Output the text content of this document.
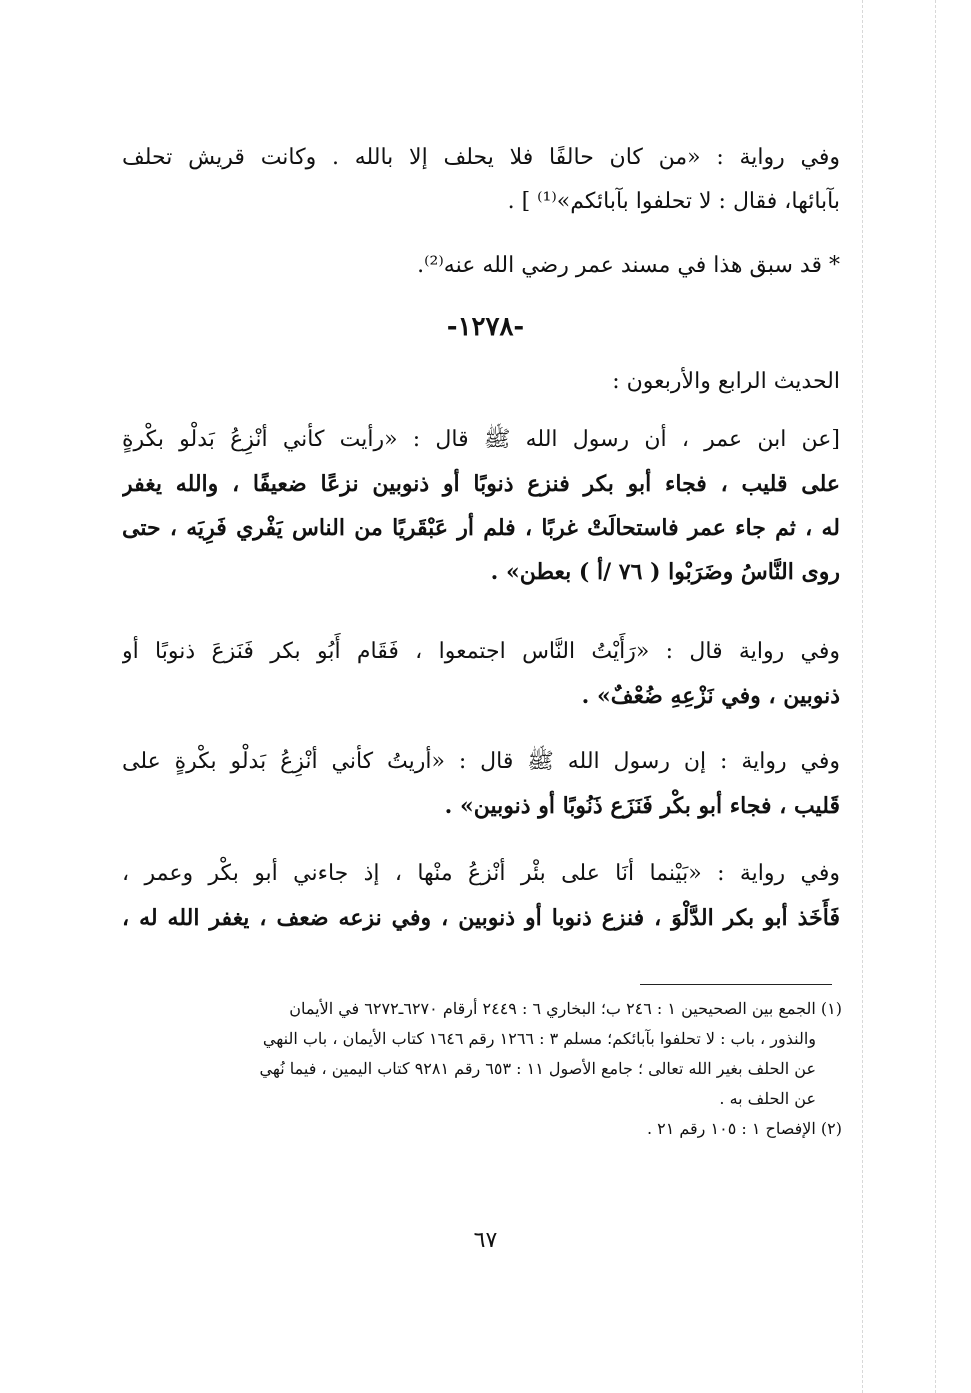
وفي رواية : «من كان حالفًا فلا يحلف إلا بالله . وكانت قريش تحلف
بآبائها، فقال : لا تحلفوا بآبائكم»⁽¹⁾ ] .
* قد سبق هذا في مسند عمر رضي الله عنه⁽²⁾.
-١٢٧٨-
الحديث الرابع والأربعون :
[عن ابن عمر ، أن رسول الله ﷺ قال : «رأيت كأني أنْزِعُ بَدلْو بكْرةٍ
على قليب ، فجاء أبو بكر فنزع ذنوبًا أو ذنوبين نزعًا ضعيفًا ، والله يغفر
له ، ثم جاء عمر فاستحالَتْ غربًا ، فلم أر عَبْقَريًا من الناس يَفْري فَرِيَه ، حتى
روى النَّاسُ وضَرَبْوا ( ٧٦ /أ ) بعطن» .
وفي رواية قال : «رَأَيْتُ النَّاس اجتمعوا ، فَقَام أَبُو بكر فَنَزعَ ذنوبًا أو
ذنوبين ، وفي نَزْعِهِ ضُعْفٌ» .
وفي رواية : إن رسول الله ﷺ قال : «أريتُ كأني أنْزِعُ بَدلْو بكْرةٍ على
قَليب ، فجاء أبو بكْر فَنَزَع ذَنُوبًا أو ذنوبين» .
وفي رواية : «بَيْنما أنَا على بئْر أنْزعُ منْها ، إذ جاءني أبو بكْر وعمر ،
فَأَخَذ أبو بكر الدَّلْوَ ، فنزع ذنوبا أو ذنوبين ، وفي نزعه ضعف ، يغفر الله له ،
(١) الجمع بين الصحيحين ١ : ٢٤٦ ب؛ البخاري ٦ : ٢٤٤٩ أرقام ٦٢٧٠ـ٦٢٧٢ في الأيمان
والنذور ، باب : لا تحلفوا بآبائكم؛ مسلم ٣ : ١٢٦٦ رقم ١٦٤٦ كتاب الأيمان ، باب النهي
عن الحلف بغير الله تعالى ؛ جامع الأصول ١١ : ٦٥٣ رقم ٩٢٨١ كتاب اليمين ، فيما نُهي
عن الحلف به .
(٢) الإفصاح ١ : ١٠٥ رقم ٢١ .
٦٧
